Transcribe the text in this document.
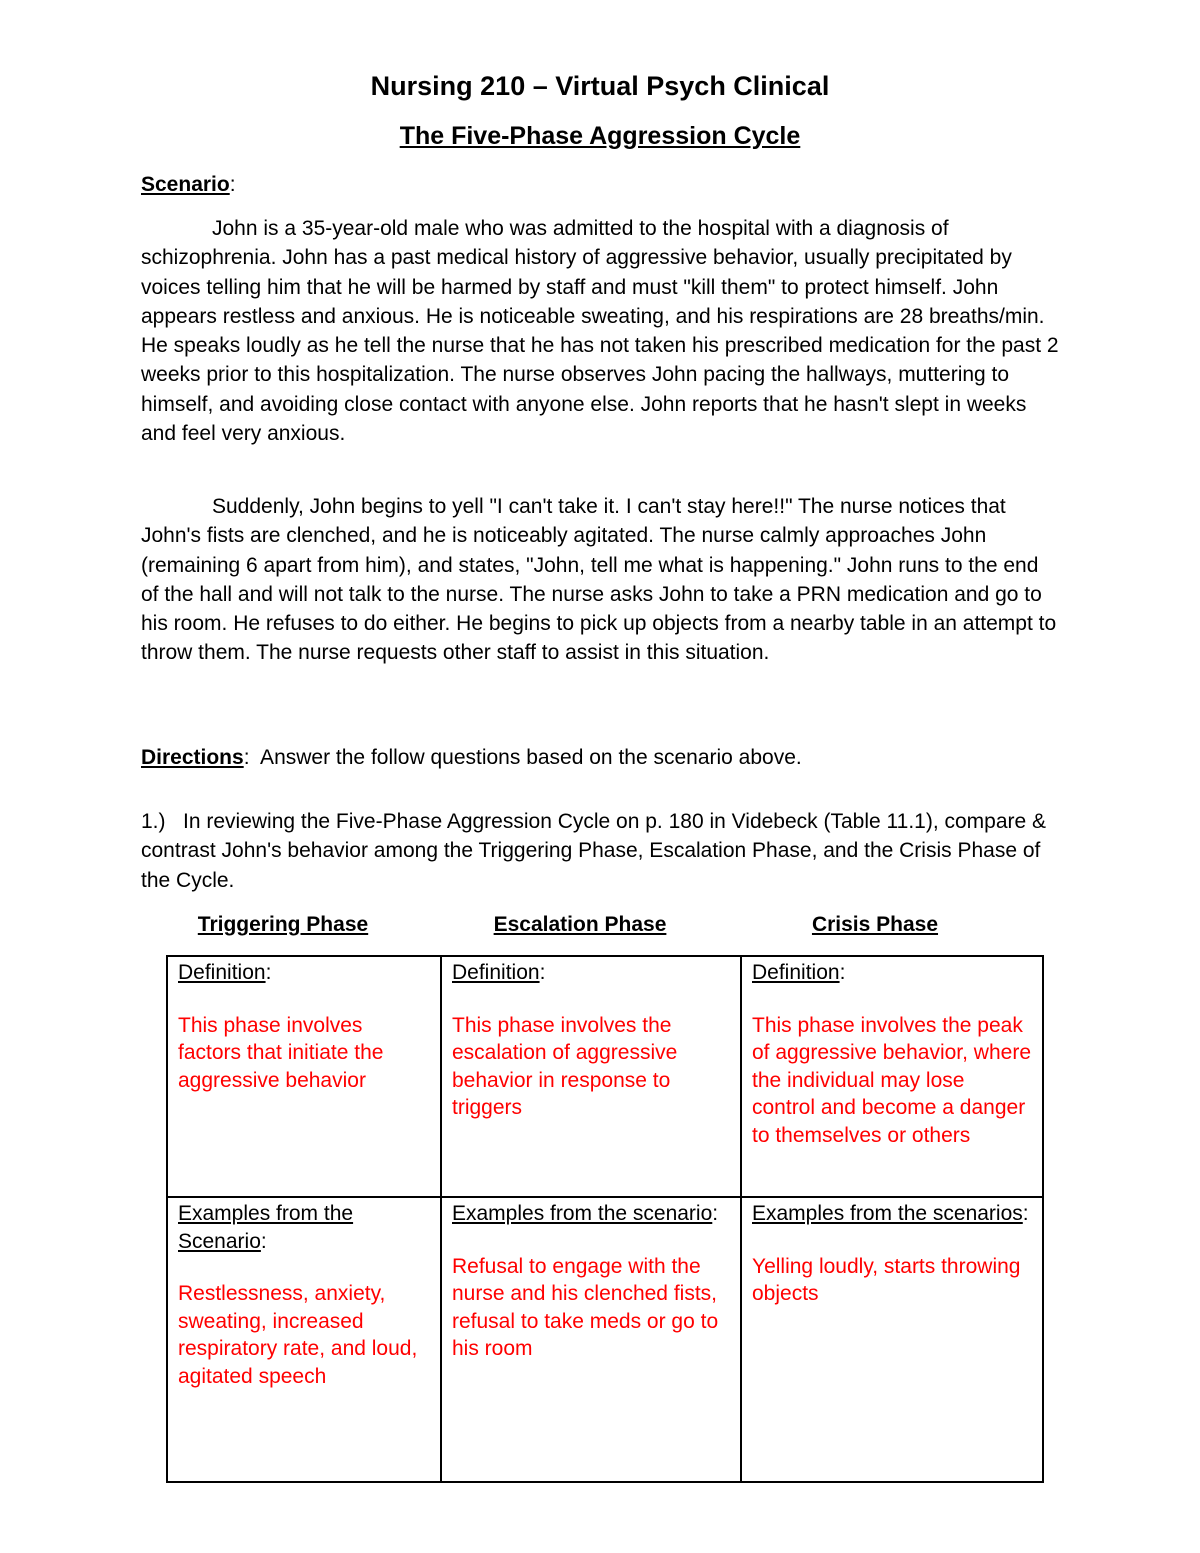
Nursing 210 – Virtual Psych Clinical
The Five-Phase Aggression Cycle
Scenario:

John is a 35-year-old male who was admitted to the hospital with a diagnosis of schizophrenia. John has a past medical history of aggressive behavior, usually precipitated by voices telling him that he will be harmed by staff and must "kill them" to protect himself. John appears restless and anxious. He is noticeable sweating, and his respirations are 28 breaths/min. He speaks loudly as he tell the nurse that he has not taken his prescribed medication for the past 2 weeks prior to this hospitalization. The nurse observes John pacing the hallways, muttering to himself, and avoiding close contact with anyone else. John reports that he hasn't slept in weeks and feel very anxious.

Suddenly, John begins to yell "I can't take it. I can't stay here!!" The nurse notices that John's fists are clenched, and he is noticeably agitated. The nurse calmly approaches John (remaining 6 apart from him), and states, "John, tell me what is happening." John runs to the end of the hall and will not talk to the nurse. The nurse asks John to take a PRN medication and go to his room. He refuses to do either. He begins to pick up objects from a nearby table in an attempt to throw them. The nurse requests other staff to assist in this situation.

Directions:  Answer the follow questions based on the scenario above.

1.)   In reviewing the Five-Phase Aggression Cycle on p. 180 in Videbeck (Table 11.1), compare & contrast John's behavior among the Triggering Phase, Escalation Phase, and the Crisis Phase of the Cycle.

Triggering Phase	Escalation Phase	Crisis Phase
Definition:
This phase involves factors that initiate the aggressive behavior	Definition:
This phase involves the escalation of aggressive behavior in response to triggers	Definition:
This phase involves the peak of aggressive behavior, where the individual may lose control and become a danger to themselves or others

Examples from the Scenario:
Restlessness, anxiety, sweating, increased respiratory rate, and loud, agitated speech	Examples from the scenario:
Refusal to engage with the nurse and his clenched fists, refusal to take meds or go to his room	Examples from the scenarios:
Yelling loudly, starts throwing objects
